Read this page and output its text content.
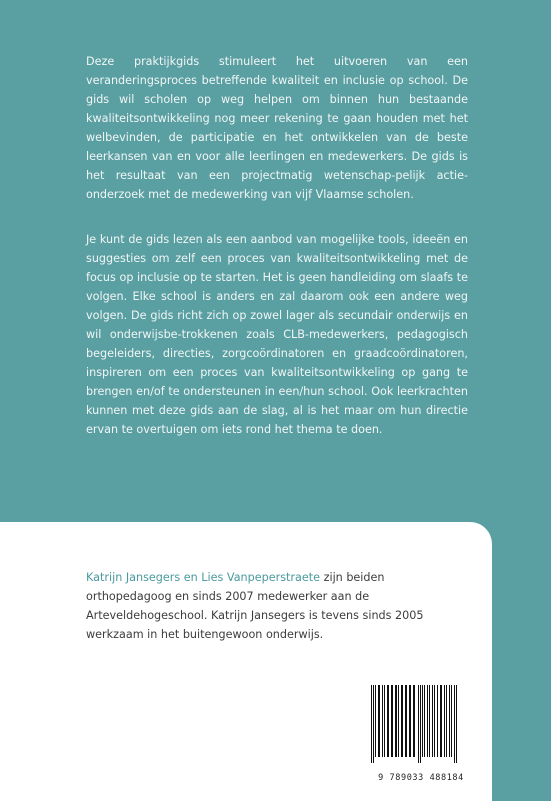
Deze praktijkgids stimuleert het uitvoeren van een veranderingsproces betreffende kwaliteit en inclusie op school. De gids wil scholen op weg helpen om binnen hun bestaande kwaliteitsontwikkeling nog meer rekening te gaan houden met het welbevinden, de participatie en het ontwikkelen van de beste leerkansen van en voor alle leerlingen en medewerkers. De gids is het resultaat van een projectmatig wetenschap-pelijk actie-onderzoek met de medewerking van vijf Vlaamse scholen.

Je kunt de gids lezen als een aanbod van mogelijke tools, ideeën en suggesties om zelf een proces van kwaliteitsontwikkeling met de focus op inclusie op te starten. Het is geen handleiding om slaafs te volgen. Elke school is anders en zal daarom ook een andere weg volgen. De gids richt zich op zowel lager als secundair onderwijs en wil onderwijsbe-trokkenen zoals CLB-medewerkers, pedagogisch begeleiders, directies, zorgcoördinatoren en graadcoördinatoren, inspireren om een proces van kwaliteitsontwikkeling op gang te brengen en/of te ondersteunen in een/hun school. Ook leerkrachten kunnen met deze gids aan de slag, al is het maar om hun directie ervan te overtuigen om iets rond het thema te doen.

Katrijn Jansegers en Lies Vanpeperstraete zijn beiden orthopedagoog en sinds 2007 medewerker aan de Arteveldehogeschool. Katrijn Jansegers is tevens sinds 2005 werkzaam in het buitengewoon onderwijs.

9 789033 488184
